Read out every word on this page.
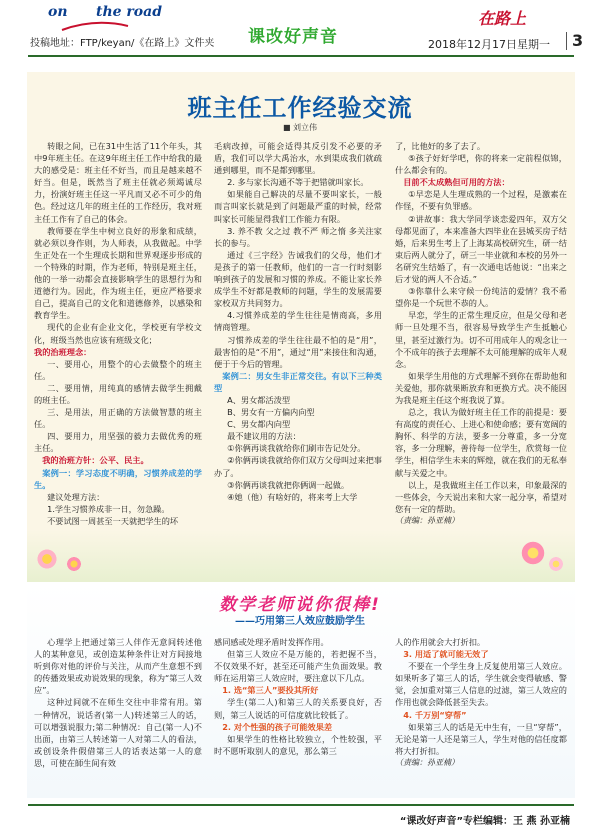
on the road
投稿地址：FTP/keyan/《在路上》文件夹 课改好声音
在路上
2018年12月17日星期一	3
班主任工作经验交流
■ 刘立伟

转眼之间，已在31中生活了11个年头，其中9年班主任。在这9年班主任工作中给我的最大的感受是：班主任不好当，而且是越来越不好当。但是，既然当了班主任就必须竭诚尽力，扮演好班主任这一平凡而又必不可少的角色。经过这几年的班主任的工作经历，我对班主任工作有了自己的体会。

教师要在学生中树立良好的形象和成绩，就必须以身作则，为人师表，从我做起。中学生正处在一个生理成长期和世界观逐步形成的一个特殊的时期，作为老师，特别是班主任，他的一举一动都会直接影响学生的思想行为和道德行为。因此，作为班主任，更应严格要求自己，提高自己的文化和道德修养，以感染和教育学生。

现代的企业有企业文化，学校更有学校文化，班级当然也应该有班级文化；

我的治班理念：

一、要用心，用整个的心去做整个的班主任。

二、要用情，用纯真的感情去做学生拥戴的班主任。

三、是用法，用正确的方法做智慧的班主任。

四、要用力，用坚强的毅力去做优秀的班主任。

我的治班方针：公平、民主。

案例一：学习态度不明确，习惯养成差的学生。

建议处理方法：

1.学生习惯养成非一日，勿急躁。

不要试图一周甚至一天就把学生的坏

毛病改掉，可能会适得其反引发不必要的矛盾，我们可以学大禹治水，水到渠成我们就疏通到哪里，而不是都到哪里。

2. 多与家长沟通不等于把错就叫家长。

如果能自己解决的尽量不要叫家长，一般而言叫家长就是到了问题最严重的时候，经常叫家长可能显得我们工作能力有限。

3. 养不教 父之过 教不严 师之惰 多关注家长的参与。

通过《三字经》告诫我们的父母，他们才是孩子的第一任教师，他们的一言一行时刻影响到孩子的发展和习惯的养成。不能让家长养成学生不好都是教师的问题，学生的发展需要家校双方共同努力。

4.习惯养成差的学生往往是情商高，多用情商管理。

习惯养成差的学生往往最不怕的是“用”，最害怕的是“不用”，通过“用”来接住和沟通，便于于今后的管理。

案例二：男女生非正常交往。有以下三种类型

A、男女都活泼型

B、男女有一方偏内向型

C、男女都内向型

最不建议用的方法：

①你俩再谈我就给你们刷市告记处分。

②你俩再谈我就给你们双方父母叫过来把事办了。

③你俩再谈我就把你俩调一起做。

④她（他）有啥好的，将来考上大学

了，比他好的多了去了。

⑤孩子好好学吧，你的将来一定前程似锦，什么都会有的。

目前不太成熟但可用的方法：

①早恋是人生理成熟的一个过程，是激素在作怪，不要有负罪感。

②讲故事：我大学同学谈恋爱四年，双方父母都见面了，本来准备大四毕业在县城买房子结婚，后来男生考上了上海某高校研究生，研一结束后两人就分了，研三一毕业就和本校的另外一名研究生结婚了，有一次通电话他说：“出来之后才觉的两人不合适。”

③你靠什么来守候一份纯洁的爱情？我不希望你是一个玩世不恭的人。

早恋，学生的正常生理反应，但是父母和老师一旦处理不当，很容易导致学生产生抵触心里，甚至过激行为。切不可用成年人的观念让一个不成年的孩子去理解不太可能理解的成年人观念。

如果学生用他的方式理解不到你在帮助他和关爱他，那你就果断放弃和更换方式。决不能因为我是班主任这个班我说了算。

总之，我认为做好班主任工作的前提是：要有高度的责任心、上进心和使命感；要有宽阔的胸怀、科学的方法，要多一分尊重，多一分宽容，多一分理解，善待每一位学生，欣赏每一位学生，相信学生未来的辉煌，就在我们的无私奉献与关爱之中。

以上，是我做班主任工作以来，印象最深的一些体会，今天说出来和大家一起分享，希望对您有一定的帮助。

（责编：孙亚楠）

数学老师说你很棒!
——巧用第三人效应鼓励学生

心理学上把通过第三人伴作无意间转述他人的某种意见，或创造某种条件让对方间接地听到你对他的评价与关注，从而产生意想不到的传播效果或劝说效果的现象，称为“第三人效应”。

这种过间就不在师生交往中非常有用。第一种情况，说话者(第一人)转述第三人的话，可以增强说服力;第二种情况：自己(第一人)不出面，由第三人转述第一人对第二人的看法，或创设条件假借第三人的话表达第一人的意思，可使在師生间有效

感同感或处理矛盾时发挥作用。

但第三人效应不是万能的，若把握不当，不仅效果不好，甚至还可能产生负面效果。教师在运用第三人效应时，要注意以下几点。

1. 选“第三人”要投其所好

学生(第二人)和第三人的关系要良好，否则，第三人说话的可信度就比较低了。

2. 对个性强的孩子可能效果差

如果学生的性格比较独立，个性较强，平时不愿听取别人的意见，那么第三

人的作用就会大打折扣。

3. 用适了就可能无效了

不要在一个学生身上反复使用第三人效应。如果听多了第三人的话，学生就会变得敏感、警觉，会加重对第三人信息的过滤，第三人效应的作用也就会降低甚至失去。

4. 千万别“穿帮”

如果第三人的话是无中生有，一旦“穿帮”，无论是第一人还是第三人，学生对他的信任度都将大打折扣。

（责编：孙亚楠）

“课改好声音”专栏编辑：王 燕 孙亚楠
